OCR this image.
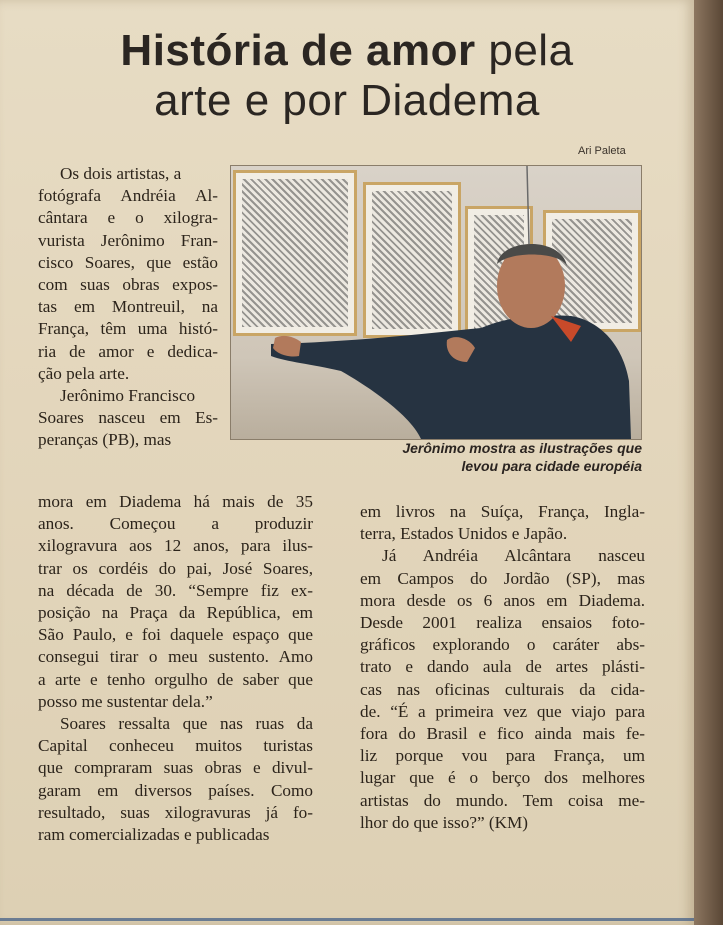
História de amor pela
arte e por Diadema
Ari Paleta
Jerônimo mostra as ilustrações que
levou para cidade européia
Os dois artistas, a
fotógrafa Andréia Al-
cântara e o xilogra-
vurista Jerônimo Fran-
cisco Soares, que estão
com suas obras expos-
tas em Montreuil, na
França, têm uma histó-
ria de amor e dedica-
ção pela arte.
Jerônimo Francisco
Soares nasceu em Es-
peranças (PB), mas
mora em Diadema há mais de 35
anos. Começou a produzir
xilogravura aos 12 anos, para ilus-
trar os cordéis do pai, José Soares,
na década de 30. “Sempre fiz ex-
posição na Praça da República, em
São Paulo, e foi daquele espaço que
consegui tirar o meu sustento. Amo
a arte e tenho orgulho de saber que
posso me sustentar dela.”
Soares ressalta que nas ruas da
Capital conheceu muitos turistas
que compraram suas obras e divul-
garam em diversos países. Como
resultado, suas xilogravuras já fo-
ram comercializadas e publicadas
em livros na Suíça, França, Ingla-
terra, Estados Unidos e Japão.
Já Andréia Alcântara nasceu
em Campos do Jordão (SP), mas
mora desde os 6 anos em Diadema.
Desde 2001 realiza ensaios foto-
gráficos explorando o caráter abs-
trato e dando aula de artes plásti-
cas nas oficinas culturais da cida-
de. “É a primeira vez que viajo para
fora do Brasil e fico ainda mais fe-
liz porque vou para França, um
lugar que é o berço dos melhores
artistas do mundo. Tem coisa me-
lhor do que isso?” (KM)
